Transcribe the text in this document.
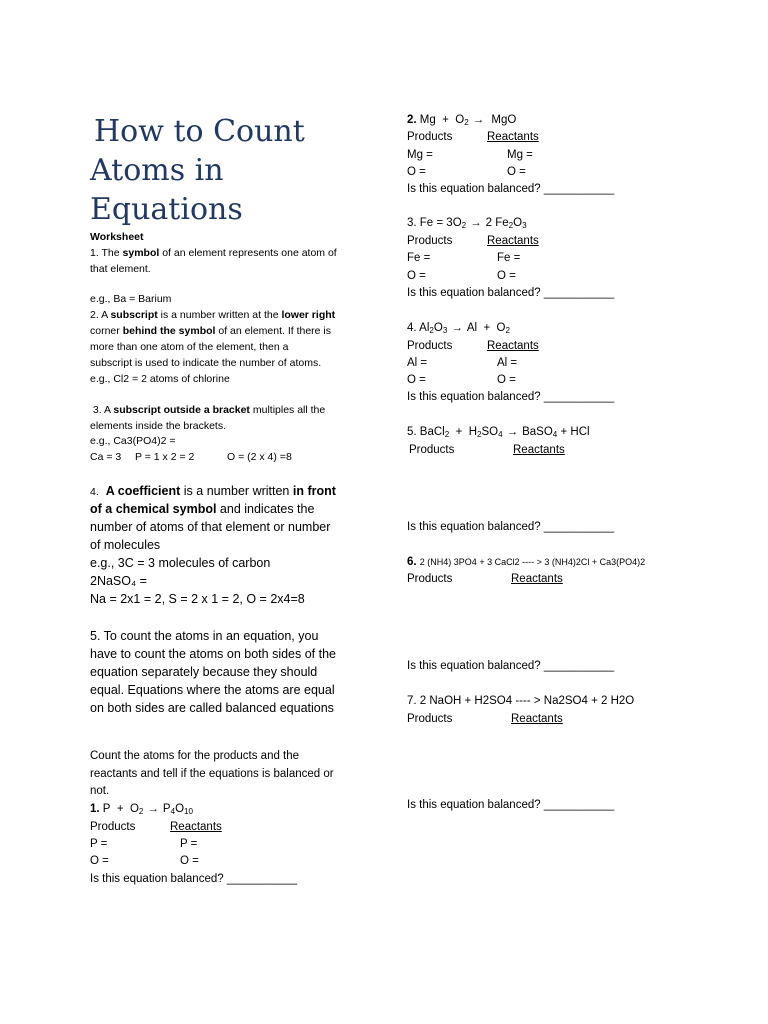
How to Count
Atoms in
Equations

Worksheet

1. The symbol of an element represents one atom of

that element.

e.g., Ba = Barium

2. A subscript is a number written at the lower right

corner behind the symbol of an element. If there is

more than one atom of the element, then a

subscript is used to indicate the number of atoms.

e.g., Cl2 = 2 atoms of chlorine

3. A subscript outside a bracket multiples all the

elements inside the brackets.

e.g., Ca3(PO4)2 =

Ca = 3 P = 1 x 2 = 2	O = (2 x 4) =8

4. A coefficient is a number written in front

of a chemical symbol and indicates the

number of atoms of that element or number

of molecules

e.g., 3C = 3 molecules of carbon

2NaSO₄ =

Na = 2x1 = 2, S = 2 x 1 = 2, O = 2x4=8

5. To count the atoms in an equation, you

have to count the atoms on both sides of the

equation separately because they should

equal. Equations where the atoms are equal

on both sides are called balanced equations

Count the atoms for the products and the

reactants and tell if the equations is balanced or

not.

1. $P + O_2 \to P_4O_{10}$

Products	Reactants

P =	P =

O =	O =

Is this equation balanced? ___________

2. $Mg + O_2$ → MgO

Products	Reactants

Mg =	Mg =

O =	O =

Is this equation balanced? ___________

3. $Fe = 3O_2 \to 2$ $Fe_2O_3$

Products	Reactants

Fe =	Fe =

O =	O =

Is this equation balanced? ___________

4. $Al_2O_3 \to Al + O_2$

Products	Reactants

Al =	Al =

O =	O =

Is this equation balanced? ___________

5. BaCl$_2$ + $H_2SO_4$ → BaSO$_4$ + HCl

Products	Reactants

Is this equation balanced? ___________

6. 2 (NH4) 3PO4 + 3 CaCl2 ---- > 3 (NH4)2Cl + Ca3(PO4)2

Products	Reactants

Is this equation balanced? ___________

7. 2 NaOH + H2SO4 ---- > Na2SO4 + 2 H2O

Products	Reactants

Is this equation balanced? ___________
